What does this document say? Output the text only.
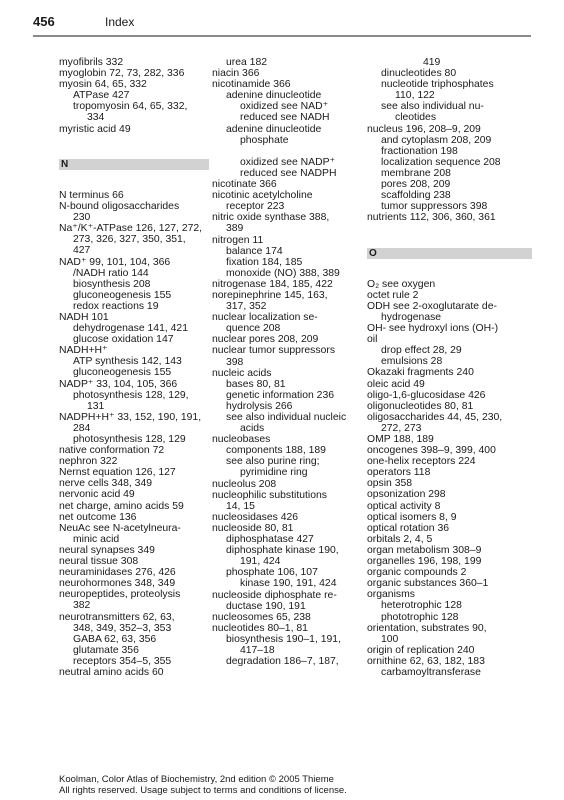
456	Index
myofibrils 332
myoglobin 72, 73, 282, 336
myosin 64, 65, 332
ATPase 427
tropomyosin 64, 65, 332,
334
myristic acid 49
N
N terminus 66
N-bound oligosaccharides
230
Na⁺/K⁺-ATPase 126, 127, 272,
273, 326, 327, 350, 351,
427
NAD⁺ 99, 101, 104, 366
/NADH ratio 144
biosynthesis 208
gluconeogenesis 155
redox reactions 19
NADH 101
dehydrogenase 141, 421
glucose oxidation 147
NADH+H⁺
ATP synthesis 142, 143
gluconeogenesis 155
NADP⁺ 33, 104, 105, 366
photosynthesis 128, 129,
131
NADPH+H⁺ 33, 152, 190, 191,
284
photosynthesis 128, 129
native conformation 72
nephron 322
Nernst equation 126, 127
nerve cells 348, 349
nervonic acid 49
net charge, amino acids 59
net outcome 136
NeuAc see N-acetylneura-
minic acid
neural synapses 349
neural tissue 308
neuraminidases 276, 426
neurohormones 348, 349
neuropeptides, proteolysis
382
neurotransmitters 62, 63,
348, 349, 352–3, 353
GABA 62, 63, 356
glutamate 356
receptors 354–5, 355
neutral amino acids 60
urea 182
niacin 366
nicotinamide 366
adenine dinucleotide
oxidized see NAD⁺
reduced see NADH
adenine dinucleotide
phosphate
oxidized see NADP⁺
reduced see NADPH
nicotinate 366
nicotinic acetylcholine
receptor 223
nitric oxide synthase 388,
389
nitrogen 11
balance 174
fixation 184, 185
monoxide (NO) 388, 389
nitrogenase 184, 185, 422
norepinephrine 145, 163,
317, 352
nuclear localization se-
quence 208
nuclear pores 208, 209
nuclear tumor suppressors
398
nucleic acids
bases 80, 81
genetic information 236
hydrolysis 266
see also individual nucleic
acids
nucleobases
components 188, 189
see also purine ring;
pyrimidine ring
nucleolus 208
nucleophilic substitutions
14, 15
nucleosidases 426
nucleoside 80, 81
diphosphatase 427
diphosphate kinase 190,
191, 424
phosphate 106, 107
kinase 190, 191, 424
nucleoside diphosphate re-
ductase 190, 191
nucleosomes 65, 238
nucleotides 80–1, 81
biosynthesis 190–1, 191,
417–18
degradation 186–7, 187,
419
dinucleotides 80
nucleotide triphosphates
110, 122
see also individual nu-
cleotides
nucleus 196, 208–9, 209
and cytoplasm 208, 209
fractionation 198
localization sequence 208
membrane 208
pores 208, 209
scaffolding 238
tumor suppressors 398
nutrients 112, 306, 360, 361
O
O₂ see oxygen
octet rule 2
ODH see 2-oxoglutarate de-
hydrogenase
OH- see hydroxyl ions (OH-)
oil
drop effect 28, 29
emulsions 28
Okazaki fragments 240
oleic acid 49
oligo-1,6-glucosidase 426
oligonucleotides 80, 81
oligosaccharides 44, 45, 230,
272, 273
OMP 188, 189
oncogenes 398–9, 399, 400
one-helix receptors 224
operators 118
opsin 358
opsonization 298
optical activity 8
optical isomers 8, 9
optical rotation 36
orbitals 2, 4, 5
organ metabolism 308–9
organelles 196, 198, 199
organic compounds 2
organic substances 360–1
organisms
heterotrophic 128
phototrophic 128
orientation, substrates 90,
100
origin of replication 240
ornithine 62, 63, 182, 183
carbamoyltransferase
Koolman, Color Atlas of Biochemistry, 2nd edition © 2005 Thieme
All rights reserved. Usage subject to terms and conditions of license.
